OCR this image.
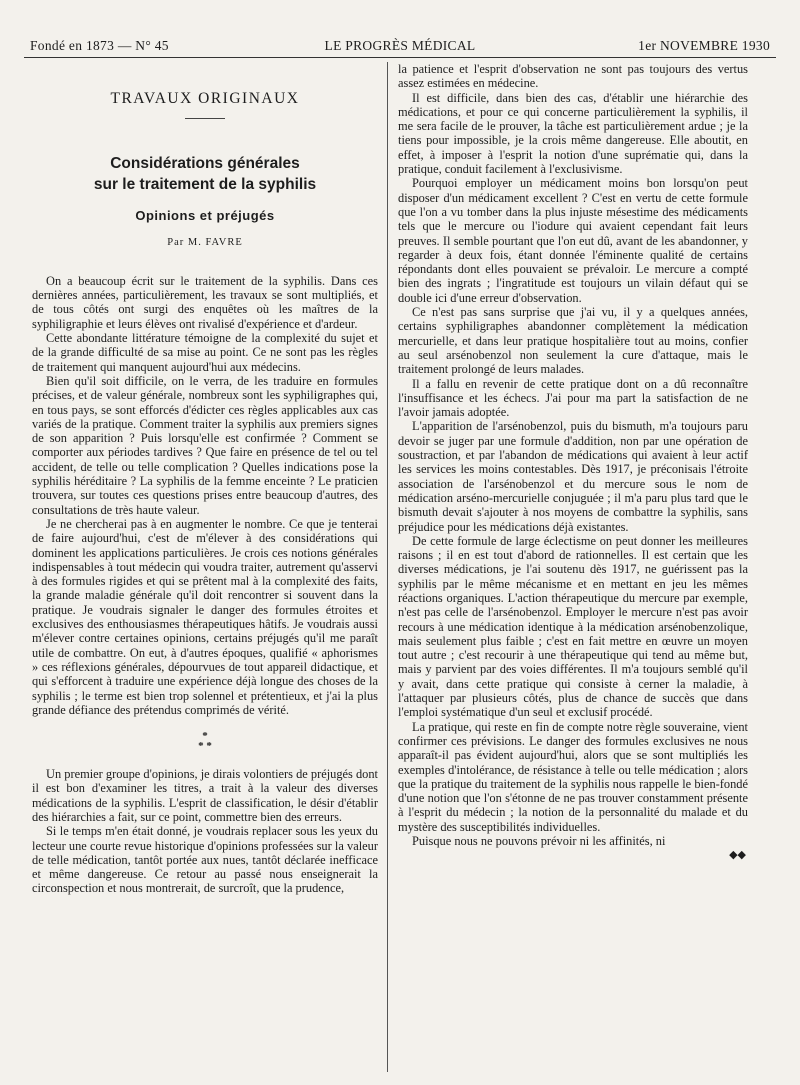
Fondé en 1873 — N° 45	LE PROGRÈS MÉDICAL	1er NOVEMBRE 1930

TRAVAUX ORIGINAUX

Considérations générales
sur le traitement de la syphilis

Opinions et préjugés

Par M. FAVRE

On a beaucoup écrit sur le traitement de la syphilis. Dans ces dernières années, particulièrement, les travaux se sont multipliés, et de tous côtés ont surgi des enquêtes où les maîtres de la syphiligraphie et leurs élèves ont rivalisé d'expérience et d'ardeur.

Cette abondante littérature témoigne de la complexité du sujet et de la grande difficulté de sa mise au point. Ce ne sont pas les règles de traitement qui manquent aujourd'hui aux médecins.

Bien qu'il soit difficile, on le verra, de les traduire en formules précises, et de valeur générale, nombreux sont les syphiligraphes qui, en tous pays, se sont efforcés d'édicter ces règles applicables aux cas variés de la pratique. Comment traiter la syphilis aux premiers signes de son apparition ? Puis lorsqu'elle est confirmée ? Comment se comporter aux périodes tardives ? Que faire en présence de tel ou tel accident, de telle ou telle complication ? Quelles indications pose la syphilis héréditaire ? La syphilis de la femme enceinte ? Le praticien trouvera, sur toutes ces questions prises entre beaucoup d'autres, des consultations de très haute valeur.

Je ne chercherai pas à en augmenter le nombre. Ce que je tenterai de faire aujourd'hui, c'est de m'élever à des considérations qui dominent les applications particulières. Je crois ces notions générales indispensables à tout médecin qui voudra traiter, autrement qu'asservi à des formules rigides et qui se prêtent mal à la complexité des faits, la grande maladie générale qu'il doit rencontrer si souvent dans la pratique. Je voudrais signaler le danger des formules étroites et exclusives des enthousiasmes thérapeutiques hâtifs. Je voudrais aussi m'élever contre certaines opinions, certains préjugés qu'il me paraît utile de combattre. On eut, à d'autres époques, qualifié « aphorismes » ces réflexions générales, dépourvues de tout appareil didactique, et qui s'efforcent à traduire une expérience déjà longue des choses de la syphilis ; le terme est bien trop solennel et prétentieux, et j'ai la plus grande défiance des prétendus comprimés de vérité.

*
* *

Un premier groupe d'opinions, je dirais volontiers de préjugés dont il est bon d'examiner les titres, a trait à la valeur des diverses médications de la syphilis. L'esprit de classification, le désir d'établir des hiérarchies a fait, sur ce point, commettre bien des erreurs.

Si le temps m'en était donné, je voudrais replacer sous les yeux du lecteur une courte revue historique d'opinions professées sur la valeur de telle médication, tantôt portée aux nues, tantôt déclarée inefficace et même dangereuse. Ce retour au passé nous enseignerait la circonspection et nous montrerait, de surcroît, que la prudence,

la patience et l'esprit d'observation ne sont pas toujours des vertus assez estimées en médecine.

Il est difficile, dans bien des cas, d'établir une hiérarchie des médications, et pour ce qui concerne particulièrement la syphilis, il me sera facile de le prouver, la tâche est particulièrement ardue ; je la tiens pour impossible, je la crois même dangereuse. Elle aboutit, en effet, à imposer à l'esprit la notion d'une suprématie qui, dans la pratique, conduit facilement à l'exclusivisme.

Pourquoi employer un médicament moins bon lorsqu'on peut disposer d'un médicament excellent ? C'est en vertu de cette formule que l'on a vu tomber dans la plus injuste mésestime des médicaments tels que le mercure ou l'iodure qui avaient cependant fait leurs preuves. Il semble pourtant que l'on eut dû, avant de les abandonner, y regarder à deux fois, étant donnée l'éminente qualité de certains répondants dont elles pouvaient se prévaloir. Le mercure a compté bien des ingrats ; l'ingratitude est toujours un vilain défaut qui se double ici d'une erreur d'observation.

Ce n'est pas sans surprise que j'ai vu, il y a quelques années, certains syphiligraphes abandonner complètement la médication mercurielle, et dans leur pratique hospitalière tout au moins, confier au seul arsénobenzol non seulement la cure d'attaque, mais le traitement prolongé de leurs malades.

Il a fallu en revenir de cette pratique dont on a dû reconnaître l'insuffisance et les échecs. J'ai pour ma part la satisfaction de ne l'avoir jamais adoptée.

L'apparition de l'arsénobenzol, puis du bismuth, m'a toujours paru devoir se juger par une formule d'addition, non par une opération de soustraction, et par l'abandon de médications qui avaient à leur actif les services les moins contestables. Dès 1917, je préconisais l'étroite association de l'arsénobenzol et du mercure sous le nom de médication arséno-mercurielle conjuguée ; il m'a paru plus tard que le bismuth devait s'ajouter à nos moyens de combattre la syphilis, sans préjudice pour les médications déjà existantes.

De cette formule de large éclectisme on peut donner les meilleures raisons ; il en est tout d'abord de rationnelles. Il est certain que les diverses médications, je l'ai soutenu dès 1917, ne guérissent pas la syphilis par le même mécanisme et en mettant en jeu les mêmes réactions organiques. L'action thérapeutique du mercure par exemple, n'est pas celle de l'arsénobenzol. Employer le mercure n'est pas avoir recours à une médication identique à la médication arsénobenzolique, mais seulement plus faible ; c'est en fait mettre en œuvre un moyen tout autre ; c'est recourir à une thérapeutique qui tend au même but, mais y parvient par des voies différentes. Il m'a toujours semblé qu'il y avait, dans cette pratique qui consiste à cerner la maladie, à l'attaquer par plusieurs côtés, plus de chance de succès que dans l'emploi systématique d'un seul et exclusif procédé.

La pratique, qui reste en fin de compte notre règle souveraine, vient confirmer ces prévisions. Le danger des formules exclusives ne nous apparaît-il pas évident aujourd'hui, alors que se sont multipliés les exemples d'intolérance, de résistance à telle ou telle médication ; alors que la pratique du traitement de la syphilis nous rappelle le bien-fondé d'une notion que l'on s'étonne de ne pas trouver constamment présente à l'esprit du médecin ; la notion de la personnalité du malade et du mystère des susceptibilités individuelles.

Puisque nous ne pouvons prévoir ni les affinités, ni

◆◆
